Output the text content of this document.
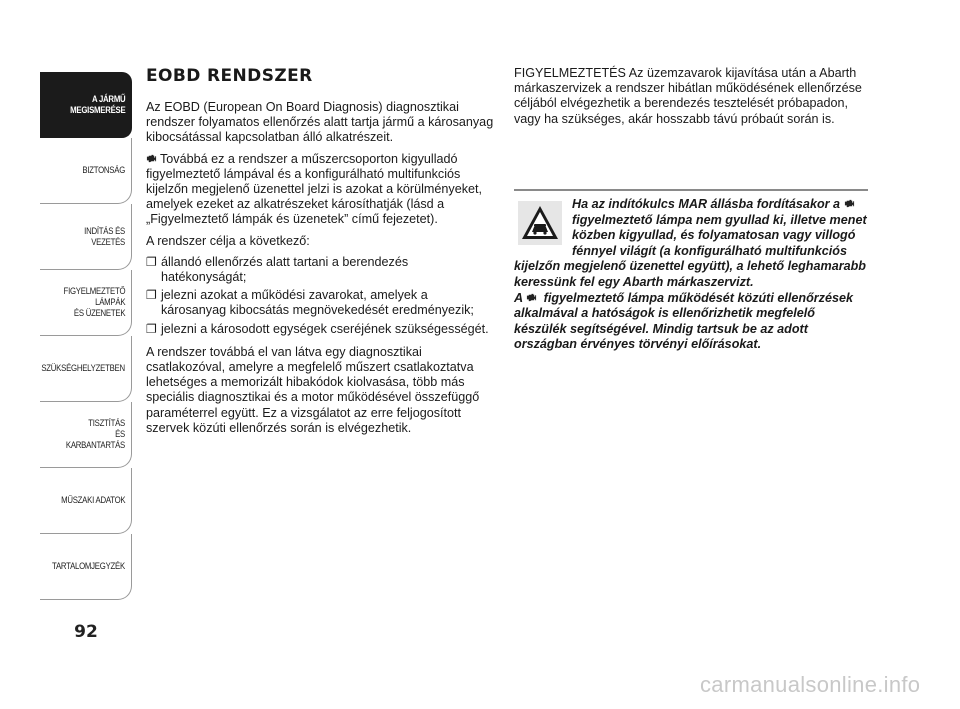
A JÁRMŰ
MEGISMERÉSE
BIZTONSÁG
INDÍTÁS ÉS VEZETÉS
FIGYELMEZTETŐ
LÁMPÁK
ÉS ÜZENETEK
SZÜKSÉGHELYZETBEN
TISZTÍTÁS
ÉS KARBANTARTÁS
MŰSZAKI ADATOK
TARTALOMJEGYZÉK
92
EOBD RENDSZER

Az EOBD (European On Board Diagnosis) diagnosztikai rendszer folyamatos ellenőrzés alatt tartja jármű a károsanyag kibocsátással kapcsolatban álló alkatrészeit.

Továbbá ez a rendszer a műszercsoporton kigyulladó figyelmeztető lámpával és a konfigurálható multifunkciós kijelzőn megjelenő üzenettel jelzi is azokat a körülményeket, amelyek ezeket az alkatrészeket károsíthatják (lásd a „Figyelmeztető lámpák és üzenetek” című fejezetet).

A rendszer célja a következő:

❐ állandó ellenőrzés alatt tartani a berendezés hatékonyságát;
❐ jelezni azokat a működési zavarokat, amelyek a károsanyag kibocsátás megnövekedését eredményezik;
❐ jelezni a károsodott egységek cseréjének szükségességét.

A rendszer továbbá el van látva egy diagnosztikai csatlakozóval, amelyre a megfelelő műszert csatlakoztatva lehetséges a memorizált hibakódok kiolvasása, több más speciális diagnosztikai és a motor működésével összefüggő paraméterrel együtt. Ez a vizsgálatot az erre feljogosított szervek közúti ellenőrzés során is elvégezhetik.

FIGYELMEZTETÉS Az üzemzavarok kijavítása után a Abarth márkaszervizek a rendszer hibátlan működésének ellenőrzése céljából elvégezhetik a berendezés tesztelését próbapadon, vagy ha szükséges, akár hosszabb távú próbaút során is.

Ha az indítókulcs MAR állásba fordításakor a  figyelmeztető lámpa nem gyullad ki, illetve menet közben kigyullad, és folyamatosan vagy villogó fénnyel világít (a konfigurálható multifunkciós kijelzőn megjelenő üzenettel együtt), a lehető leghamarabb keressünk fel egy Abarth márkaszervizt.
A figyelmeztető lámpa működését közúti ellenőrzések alkalmával a hatóságok is ellenőrizhetik megfelelő készülék segítségével. Mindig tartsuk be az adott országban érvényes törvényi előírásokat.

carmanualsonline.info
